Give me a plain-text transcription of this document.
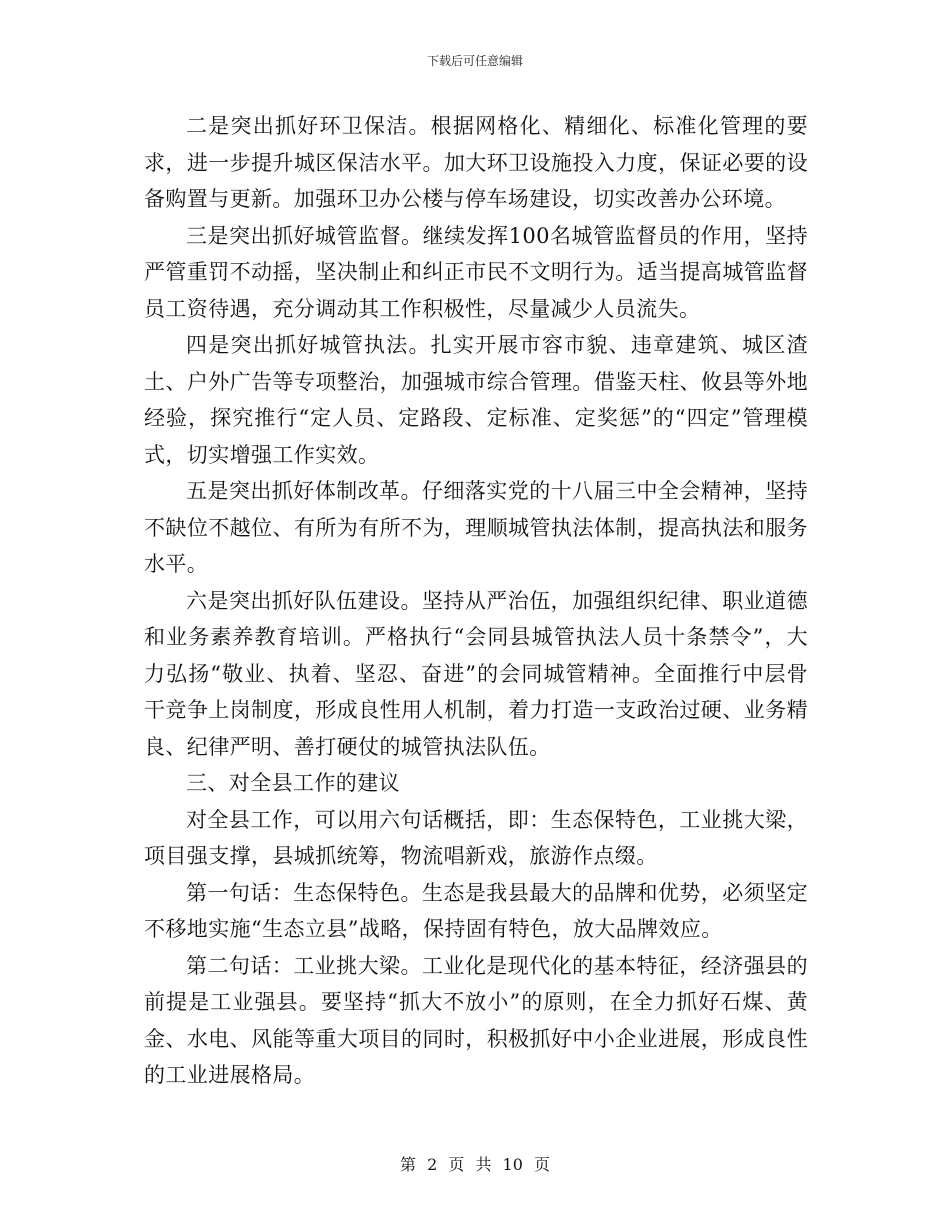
下载后可任意编辑

二是突出抓好环卫保洁。根据网格化、精细化、标准化管理的要求，进一步提升城区保洁水平。加大环卫设施投入力度，保证必要的设备购置与更新。加强环卫办公楼与停车场建设，切实改善办公环境。

三是突出抓好城管监督。继续发挥100名城管监督员的作用，坚持严管重罚不动摇，坚决制止和纠正市民不文明行为。适当提高城管监督员工资待遇，充分调动其工作积极性，尽量减少人员流失。

四是突出抓好城管执法。扎实开展市容市貌、违章建筑、城区渣土、户外广告等专项整治，加强城市综合管理。借鉴天柱、攸县等外地经验，探究推行“定人员、定路段、定标准、定奖惩”的“四定”管理模式，切实增强工作实效。

五是突出抓好体制改革。仔细落实党的十八届三中全会精神，坚持不缺位不越位、有所为有所不为，理顺城管执法体制，提高执法和服务水平。

六是突出抓好队伍建设。坚持从严治伍，加强组织纪律、职业道德和业务素养教育培训。严格执行“会同县城管执法人员十条禁令”，大力弘扬“敬业、执着、坚忍、奋进”的会同城管精神。全面推行中层骨干竞争上岗制度，形成良性用人机制，着力打造一支政治过硬、业务精良、纪律严明、善打硬仗的城管执法队伍。

三、对全县工作的建议

对全县工作，可以用六句话概括，即：生态保特色，工业挑大梁，项目强支撑，县城抓统筹，物流唱新戏，旅游作点缀。

第一句话：生态保特色。生态是我县最大的品牌和优势，必须坚定不移地实施“生态立县”战略，保持固有特色，放大品牌效应。

第二句话：工业挑大梁。工业化是现代化的基本特征，经济强县的前提是工业强县。要坚持“抓大不放小”的原则，在全力抓好石煤、黄金、水电、风能等重大项目的同时，积极抓好中小企业进展，形成良性的工业进展格局。

第 2 页 共 10 页
